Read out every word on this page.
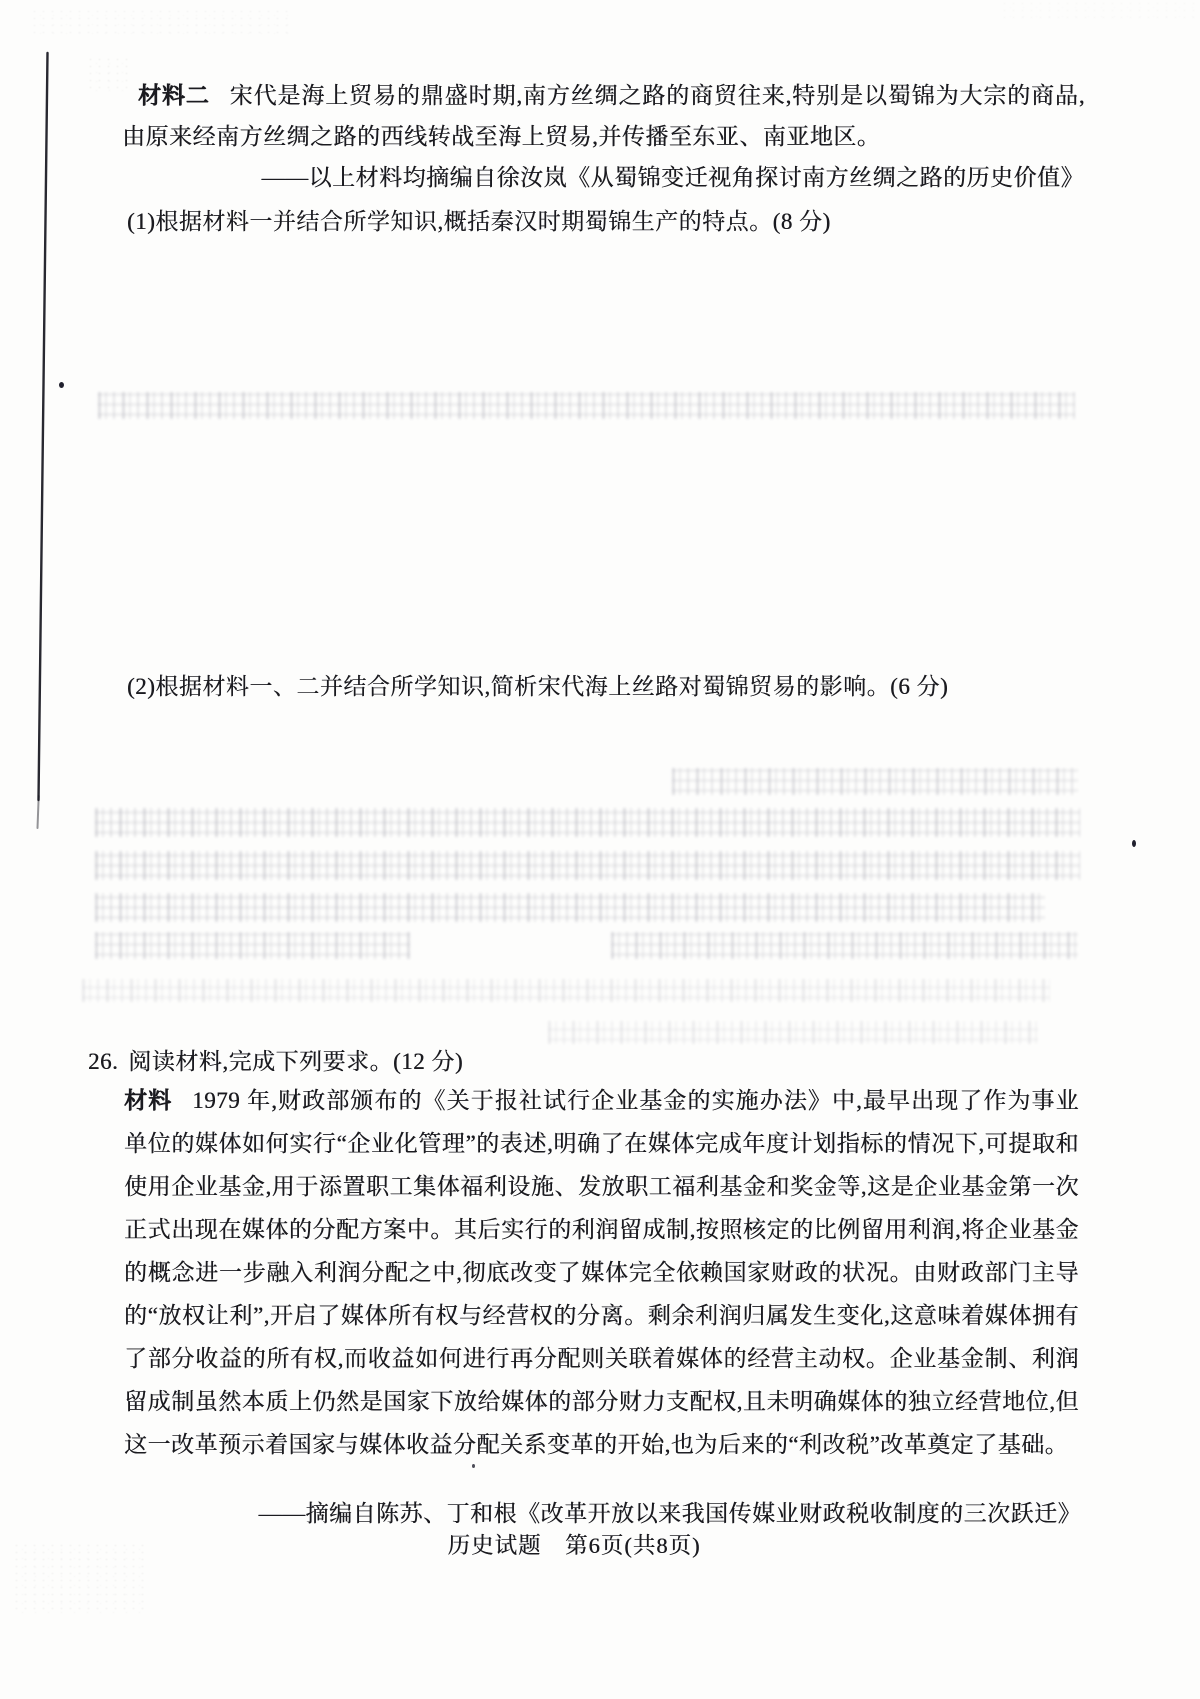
材料二 宋代是海上贸易的鼎盛时期,南方丝绸之路的商贸往来,特别是以蜀锦为大宗的商品,由原来经南方丝绸之路的西线转战至海上贸易,并传播至东亚、南亚地区。

——以上材料均摘编自徐汝岚《从蜀锦变迁视角探讨南方丝绸之路的历史价值》

(1)根据材料一并结合所学知识,概括秦汉时期蜀锦生产的特点。(8 分)

(2)根据材料一、二并结合所学知识,简析宋代海上丝路对蜀锦贸易的影响。(6 分)

26. 阅读材料,完成下列要求。(12 分)

材料 1979 年,财政部颁布的《关于报社试行企业基金的实施办法》中,最早出现了作为事业单位的媒体如何实行“企业化管理”的表述,明确了在媒体完成年度计划指标的情况下,可提取和使用企业基金,用于添置职工集体福利设施、发放职工福利基金和奖金等,这是企业基金第一次正式出现在媒体的分配方案中。其后实行的利润留成制,按照核定的比例留用利润,将企业基金的概念进一步融入利润分配之中,彻底改变了媒体完全依赖国家财政的状况。由财政部门主导的“放权让利”,开启了媒体所有权与经营权的分离。剩余利润归属发生变化,这意味着媒体拥有了部分收益的所有权,而收益如何进行再分配则关联着媒体的经营主动权。企业基金制、利润留成制虽然本质上仍然是国家下放给媒体的部分财力支配权,且未明确媒体的独立经营地位,但这一改革预示着国家与媒体收益分配关系变革的开始,也为后来的“利改税”改革奠定了基础。

——摘编自陈苏、丁和根《改革开放以来我国传媒业财政税收制度的三次跃迁》

历史试题　第6页(共8页)
